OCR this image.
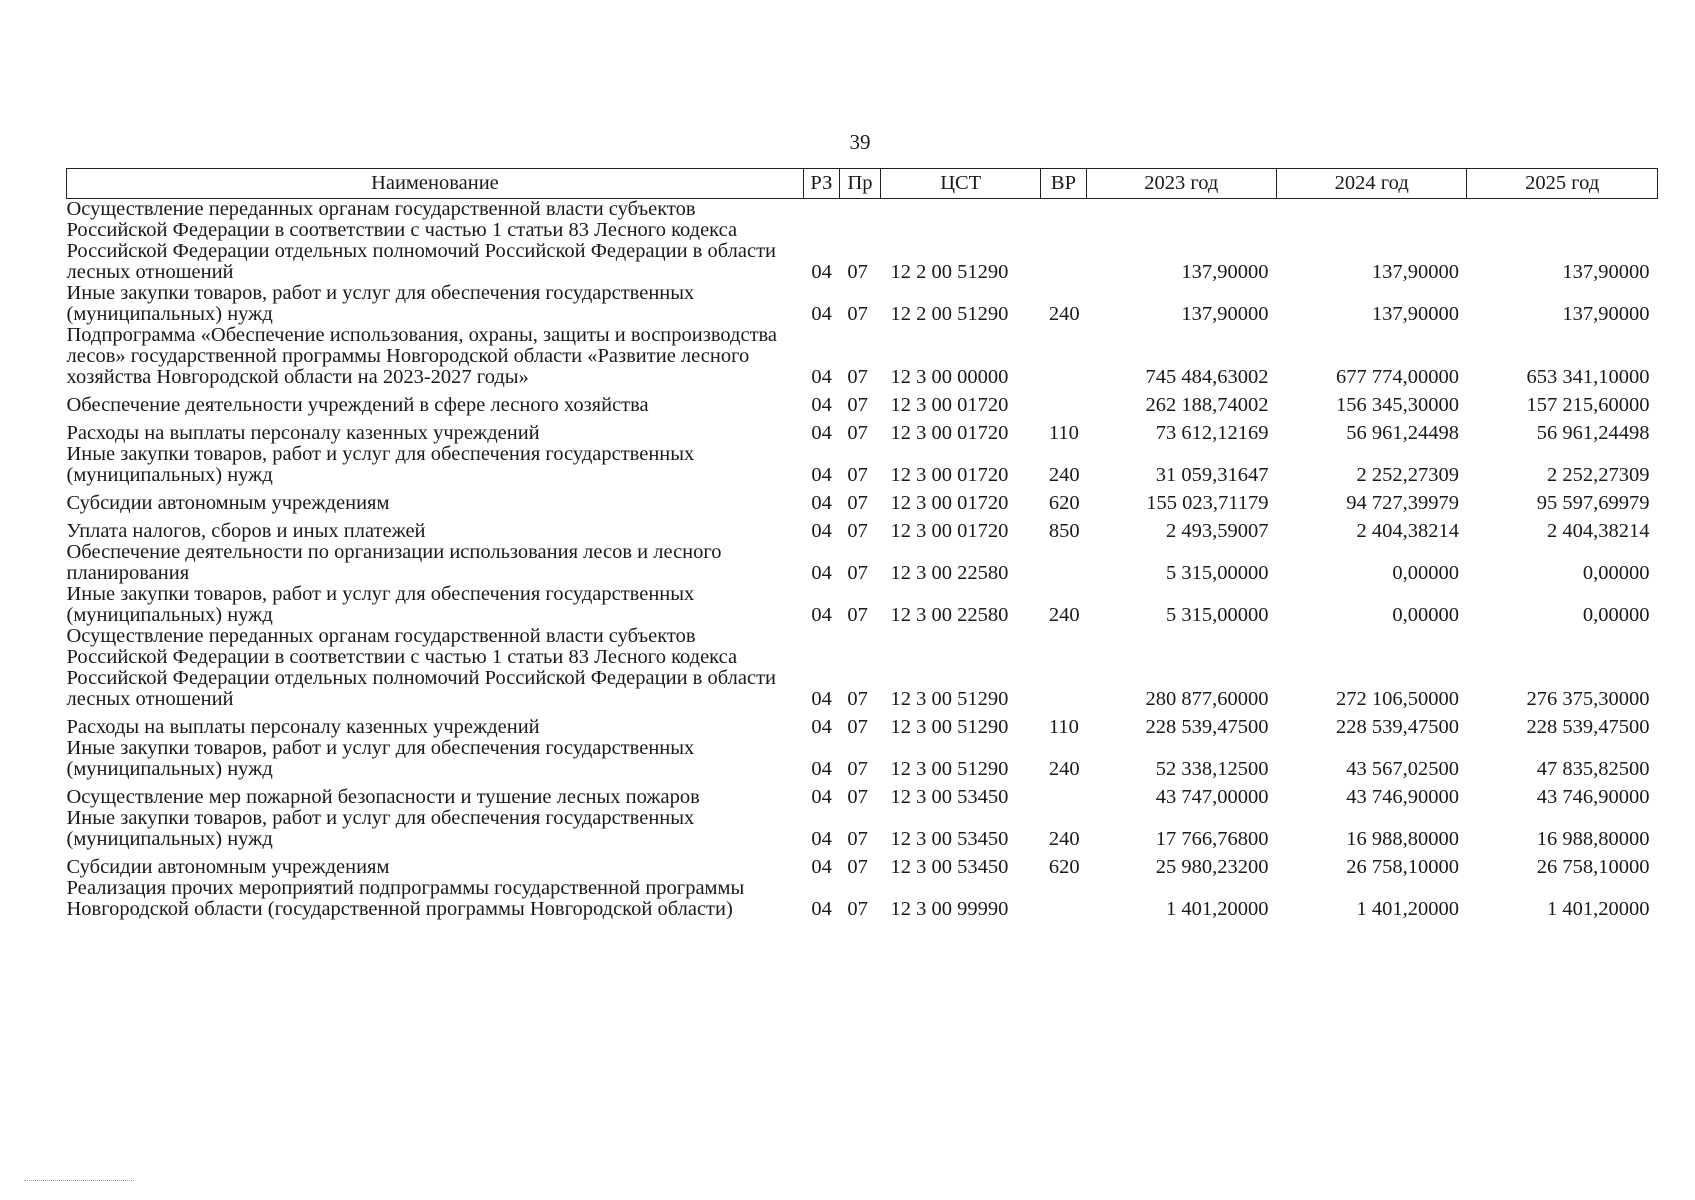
39
Наименование	РЗ	Пр	ЦСТ	ВР	2023 год	2024 год	2025 год
Осуществление переданных органам государственной власти субъектов Российской Федерации в соответствии с частью 1 статьи 83 Лесного кодекса Российской Федерации отдельных полномочий Российской Федерации в области лесных отношений	04	07	12 2 00 51290		137,90000	137,90000	137,90000
Иные закупки товаров, работ и услуг для обеспечения государственных (муниципальных) нужд	04	07	12 2 00 51290	240	137,90000	137,90000	137,90000
Подпрограмма «Обеспечение использования, охраны, защиты и воспроизводства лесов» государственной программы Новгородской области «Развитие лесного хозяйства Новгородской области на 2023-2027 годы»	04	07	12 3 00 00000		745 484,63002	677 774,00000	653 341,10000
Обеспечение деятельности учреждений в сфере лесного хозяйства	04	07	12 3 00 01720		262 188,74002	156 345,30000	157 215,60000
Расходы на выплаты персоналу казенных учреждений	04	07	12 3 00 01720	110	73 612,12169	56 961,24498	56 961,24498
Иные закупки товаров, работ и услуг для обеспечения государственных (муниципальных) нужд	04	07	12 3 00 01720	240	31 059,31647	2 252,27309	2 252,27309
Субсидии автономным учреждениям	04	07	12 3 00 01720	620	155 023,71179	94 727,39979	95 597,69979
Уплата налогов, сборов и иных платежей	04	07	12 3 00 01720	850	2 493,59007	2 404,38214	2 404,38214
Обеспечение деятельности по организации использования лесов и лесного планирования	04	07	12 3 00 22580		5 315,00000	0,00000	0,00000
Иные закупки товаров, работ и услуг для обеспечения государственных (муниципальных) нужд	04	07	12 3 00 22580	240	5 315,00000	0,00000	0,00000
Осуществление переданных органам государственной власти субъектов Российской Федерации в соответствии с частью 1 статьи 83 Лесного кодекса Российской Федерации отдельных полномочий Российской Федерации в области лесных отношений	04	07	12 3 00 51290		280 877,60000	272 106,50000	276 375,30000
Расходы на выплаты персоналу казенных учреждений	04	07	12 3 00 51290	110	228 539,47500	228 539,47500	228 539,47500
Иные закупки товаров, работ и услуг для обеспечения государственных (муниципальных) нужд	04	07	12 3 00 51290	240	52 338,12500	43 567,02500	47 835,82500
Осуществление мер пожарной безопасности и тушение лесных пожаров	04	07	12 3 00 53450		43 747,00000	43 746,90000	43 746,90000
Иные закупки товаров, работ и услуг для обеспечения государственных (муниципальных) нужд	04	07	12 3 00 53450	240	17 766,76800	16 988,80000	16 988,80000
Субсидии автономным учреждениям	04	07	12 3 00 53450	620	25 980,23200	26 758,10000	26 758,10000
Реализация прочих мероприятий подпрограммы государственной программы Новгородской области (государственной программы Новгородской области)	04	07	12 3 00 99990		1 401,20000	1 401,20000	1 401,20000
